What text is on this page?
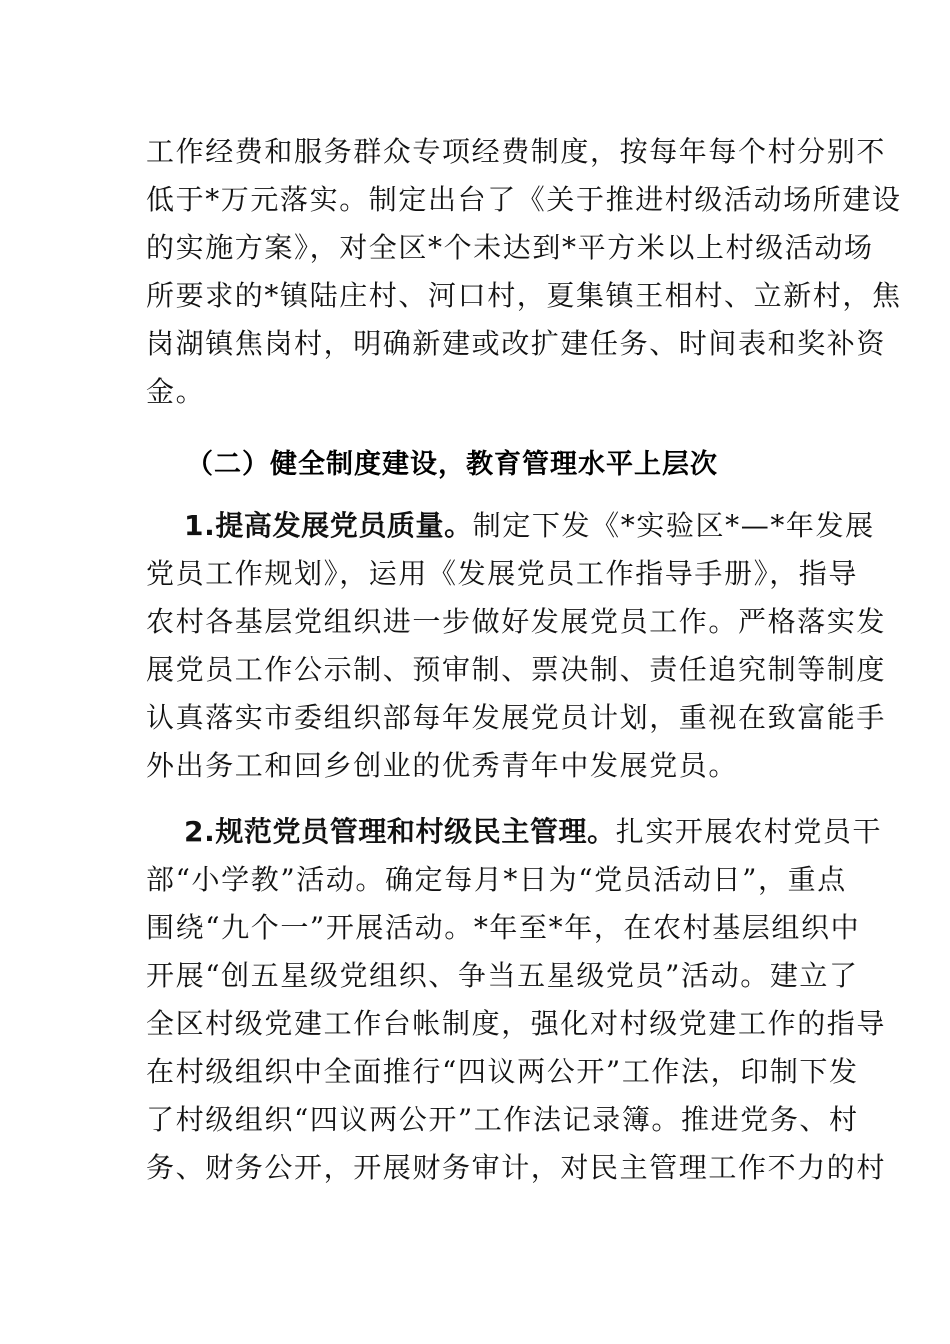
工作经费和服务群众专项经费制度，按每年每个村分别不
低于*万元落实。制定出台了《关于推进村级活动场所建设
的实施方案》，对全区*个未达到*平方米以上村级活动场
所要求的*镇陆庄村、河口村，夏集镇王相村、立新村，焦
岗湖镇焦岗村，明确新建或改扩建任务、时间表和奖补资
金。
（二）健全制度建设，教育管理水平上层次
1.提高发展党员质量。制定下发《*实验区*—*年发展
党员工作规划》，运用《发展党员工作指导手册》，指导
农村各基层党组织进一步做好发展党员工作。严格落实发
展党员工作公示制、预审制、票决制、责任追究制等制度
认真落实市委组织部每年发展党员计划，重视在致富能手
外出务工和回乡创业的优秀青年中发展党员。
2.规范党员管理和村级民主管理。扎实开展农村党员干
部“小学教”活动。确定每月*日为“党员活动日”，重点
围绕“九个一”开展活动。*年至*年，在农村基层组织中
开展“创五星级党组织、争当五星级党员”活动。建立了
全区村级党建工作台帐制度，强化对村级党建工作的指导
在村级组织中全面推行“四议两公开”工作法，印制下发
了村级组织“四议两公开”工作法记录簿。推进党务、村
务、财务公开，开展财务审计，对民主管理工作不力的村
